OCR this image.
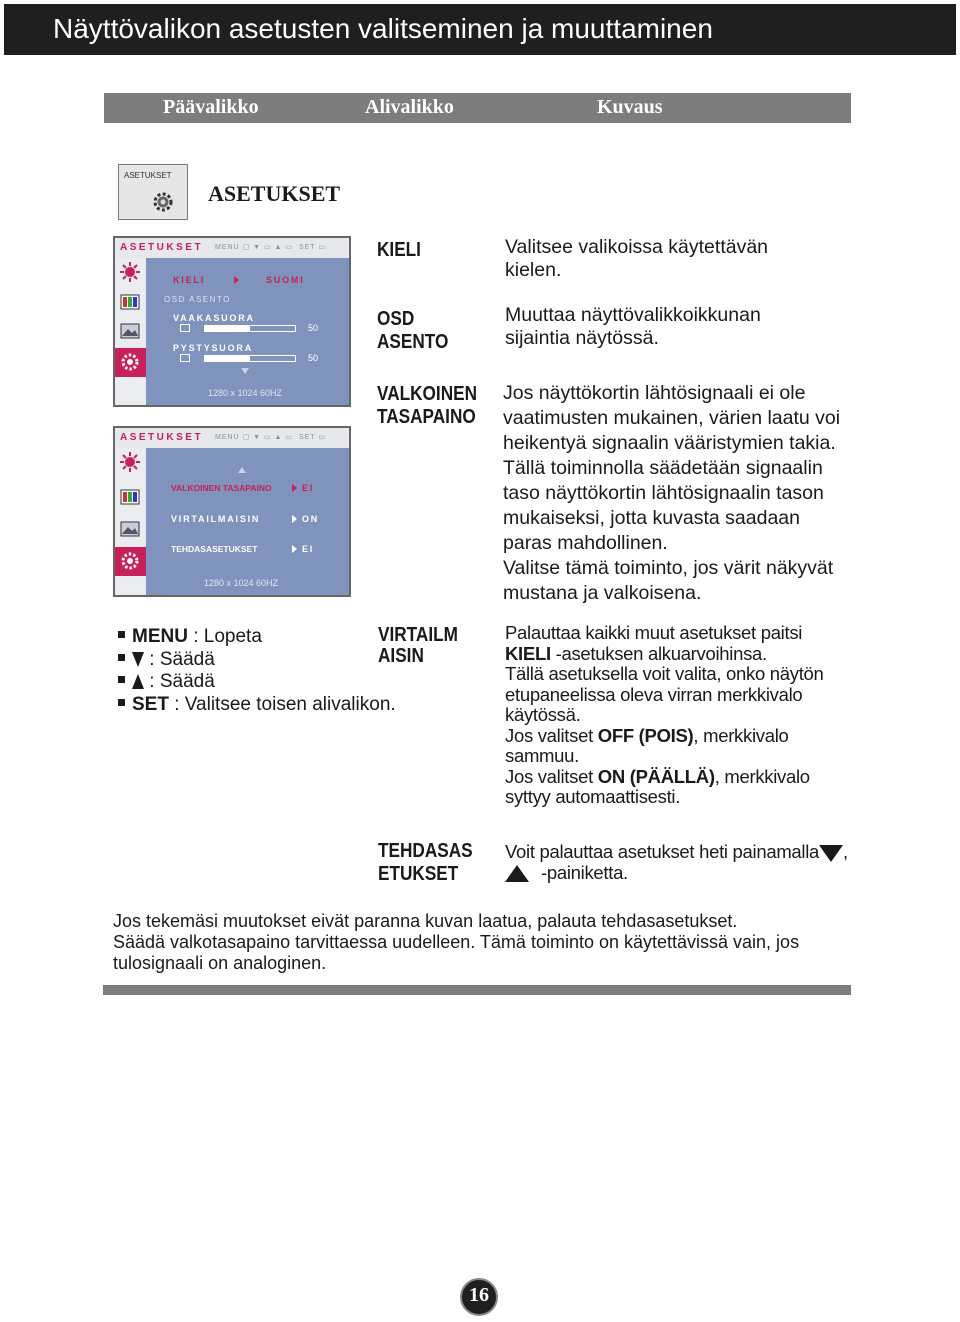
Näyttövalikon asetusten valitseminen ja muuttaminen
Päävalikko	Alivalikko	Kuvaus
ASETUKSET
ASETUKSET
ASETUKSET MENU ▢ ▼ ▭ ▲ ▭  SET ▭
KIELI	SUOMI
OSD ASENTO
VAAKASUORA
50
PYSTYSUORA
50
1280 x 1024 60HZ
ASETUKSET MENU ▢ ▼ ▭ ▲ ▭  SET ▭
VALKOINEN TASAPAINO	EI
VIRTAILMAISIN	ON
TEHDASASETUKSET	EI
1280 x 1024 60HZ
KIELI	Valitsee valikoissa käytettävän
kielen.
OSD
ASENTO
Muuttaa näyttövalikkoikkunan
sijaintia näytössä.
VALKOINEN
TASAPAINO
Jos näyttökortin lähtösignaali ei ole
vaatimusten mukainen, värien laatu voi
heikentyä signaalin vääristymien takia.
Tällä toiminnolla säädetään signaalin
taso näyttökortin lähtösignaalin tason
mukaiseksi, jotta kuvasta saadaan
paras mahdollinen.
Valitse tämä toiminto, jos värit näkyvät
mustana ja valkoisena.
MENU : Lopeta
: Säädä
: Säädä
SET : Valitsee toisen alivalikon.
VIRTAILM
AISIN
Palauttaa kaikki muut asetukset paitsi
KIELI -asetuksen alkuarvoihinsa.
Tällä asetuksella voit valita, onko näytön
etupaneelissa oleva virran merkkivalo
käytössä.
Jos valitset OFF (POIS), merkkivalo
sammuu.
Jos valitset ON (PÄÄLLÄ), merkkivalo
syttyy automaattisesti.
TEHDASAS
ETUKSET
Voit palauttaa asetukset heti painamalla ,
-painiketta.
Jos tekemäsi muutokset eivät paranna kuvan laatua, palauta tehdasasetukset.
Säädä valkotasapaino tarvittaessa uudelleen. Tämä toiminto on käytettävissä vain, jos
tulosignaali on analoginen.
16
